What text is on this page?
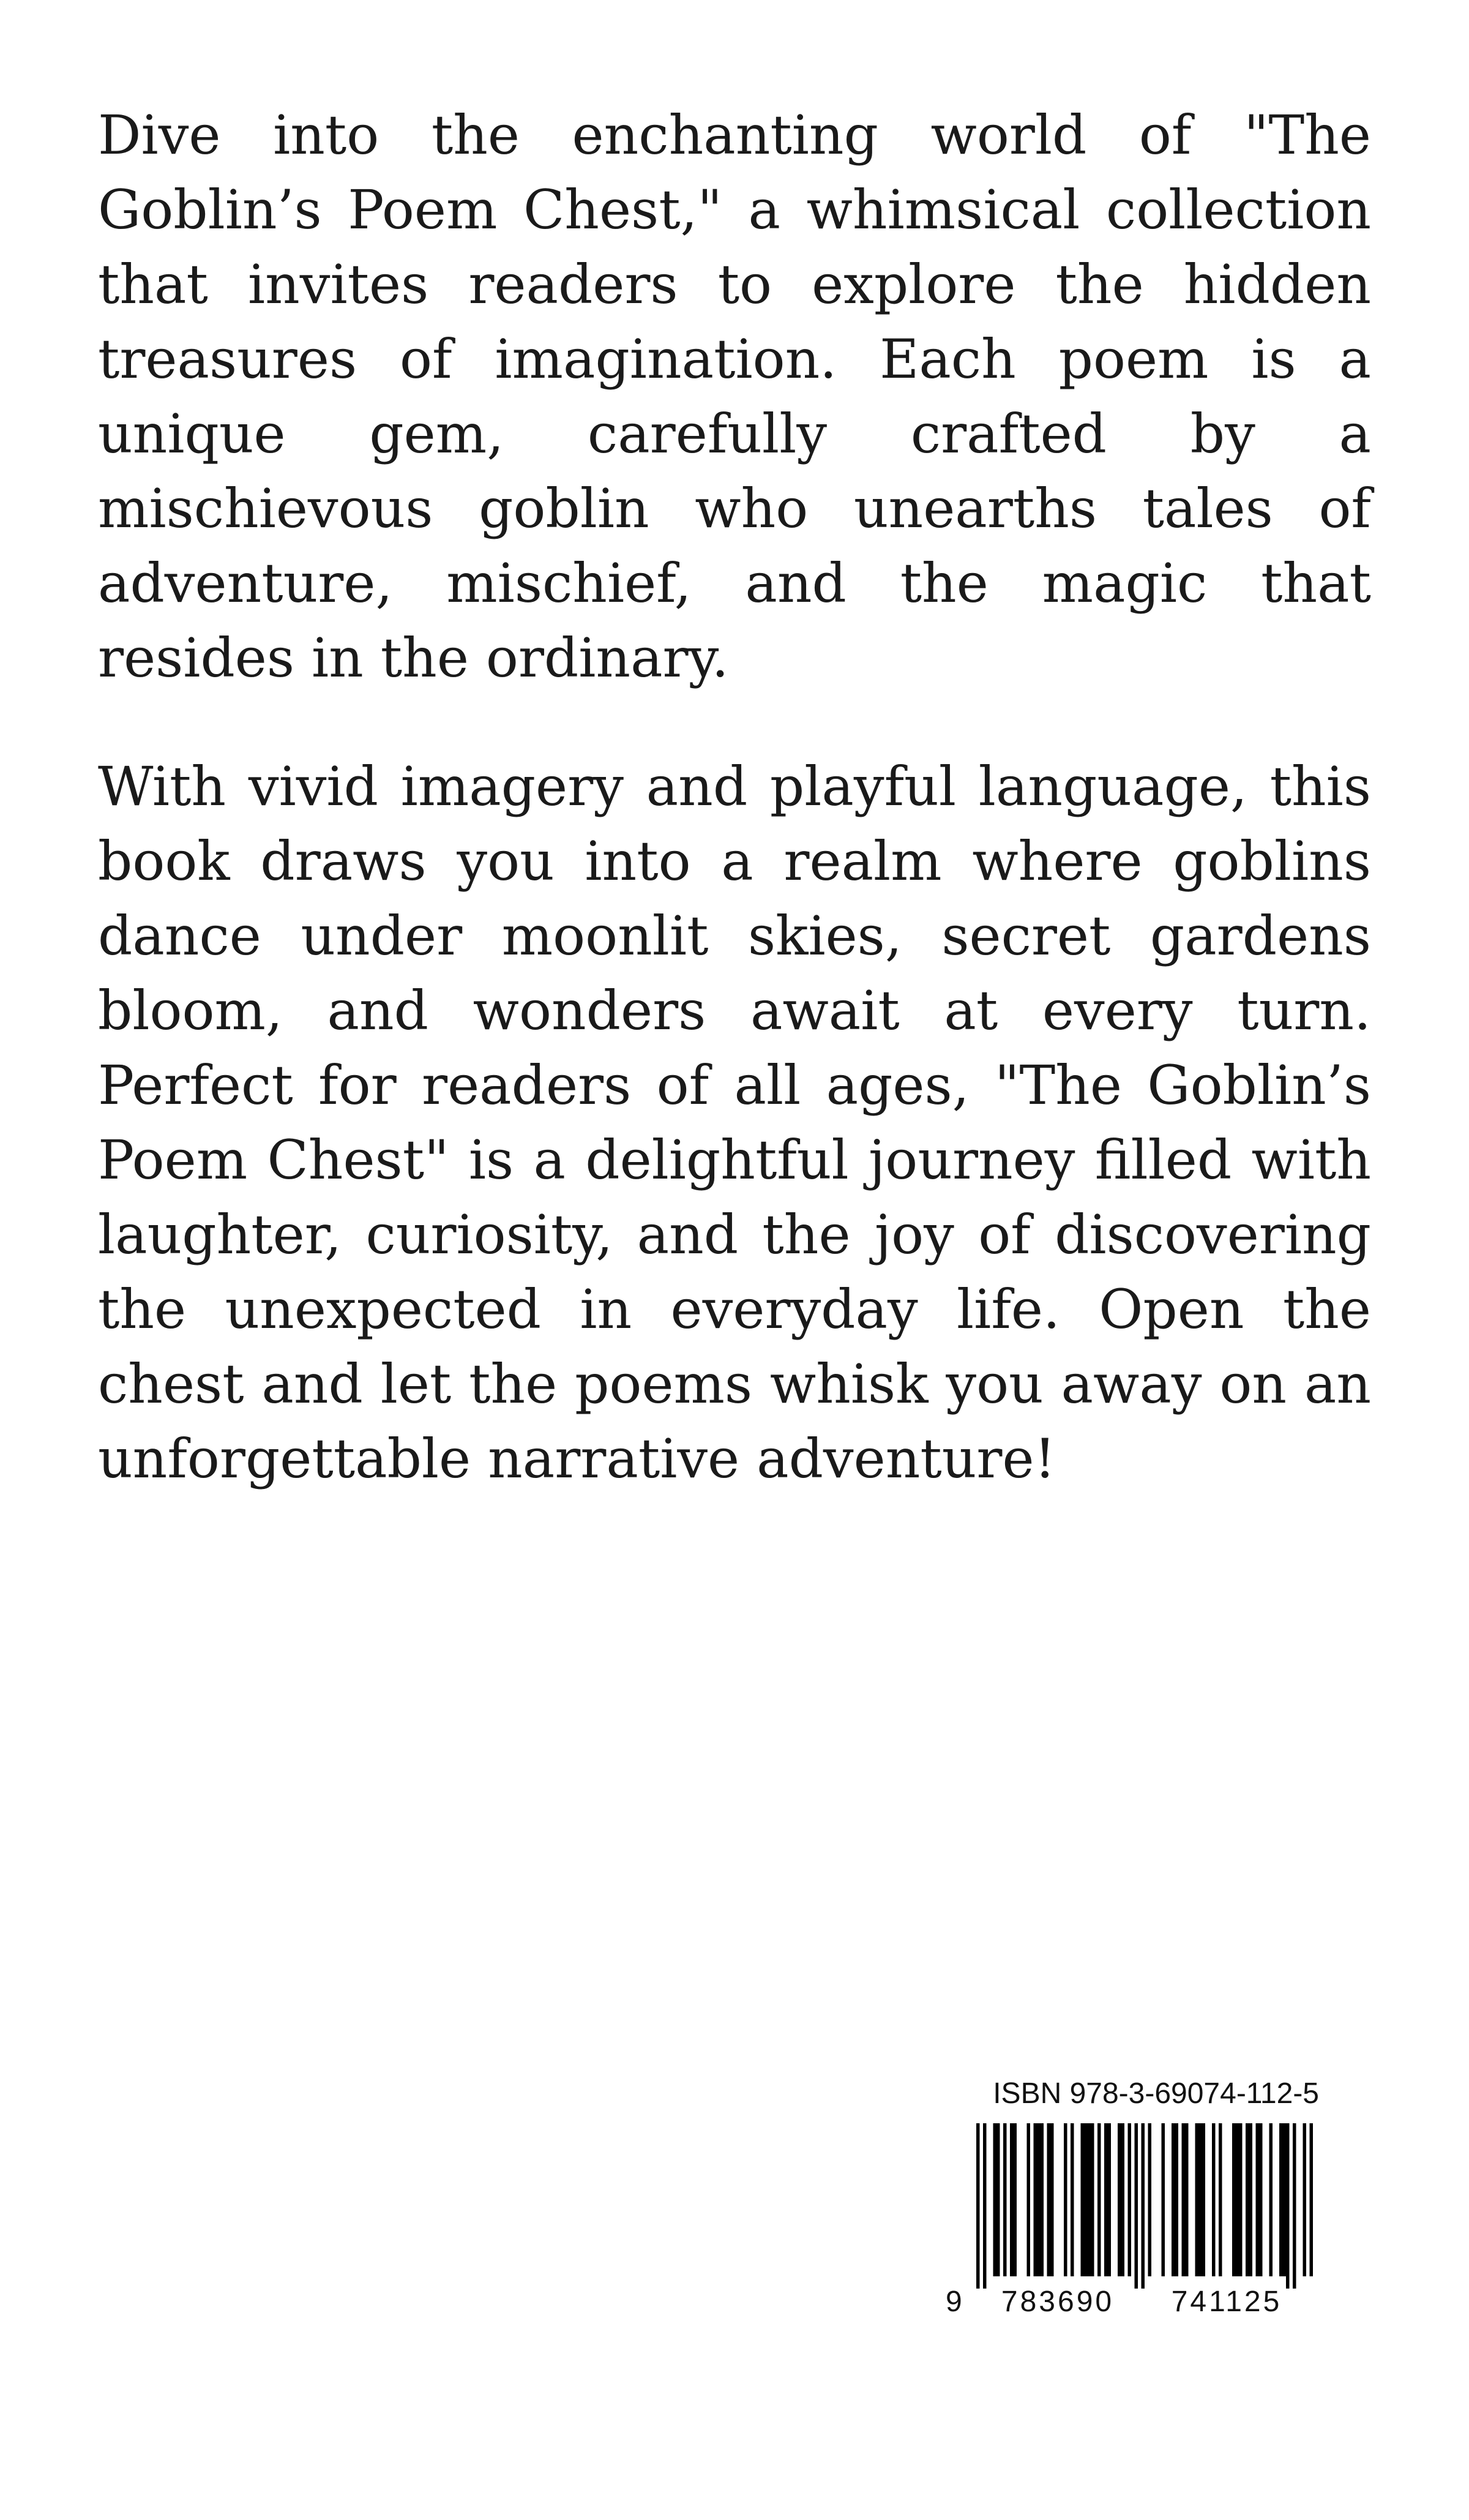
Dive into the enchanting world of "The Goblin’s Poem Chest," a whimsical collection that invites readers to explore the hidden treasures of imagination. Each poem is a unique gem, carefully crafted by a mischievous goblin who unearths tales of adventure, mischief, and the magic that resides in the ordinary.

With vivid imagery and playful language, this book draws you into a realm where goblins dance under moonlit skies, secret gardens bloom, and wonders await at every turn. Perfect for readers of all ages, "The Goblin’s Poem Chest" is a delightful journey filled with laughter, curiosity, and the joy of discovering the unexpected in everyday life. Open the chest and let the poems whisk you away on an unforgettable narrative adventure!

ISBN 978-3-69074-112-5
9	783690	741125
